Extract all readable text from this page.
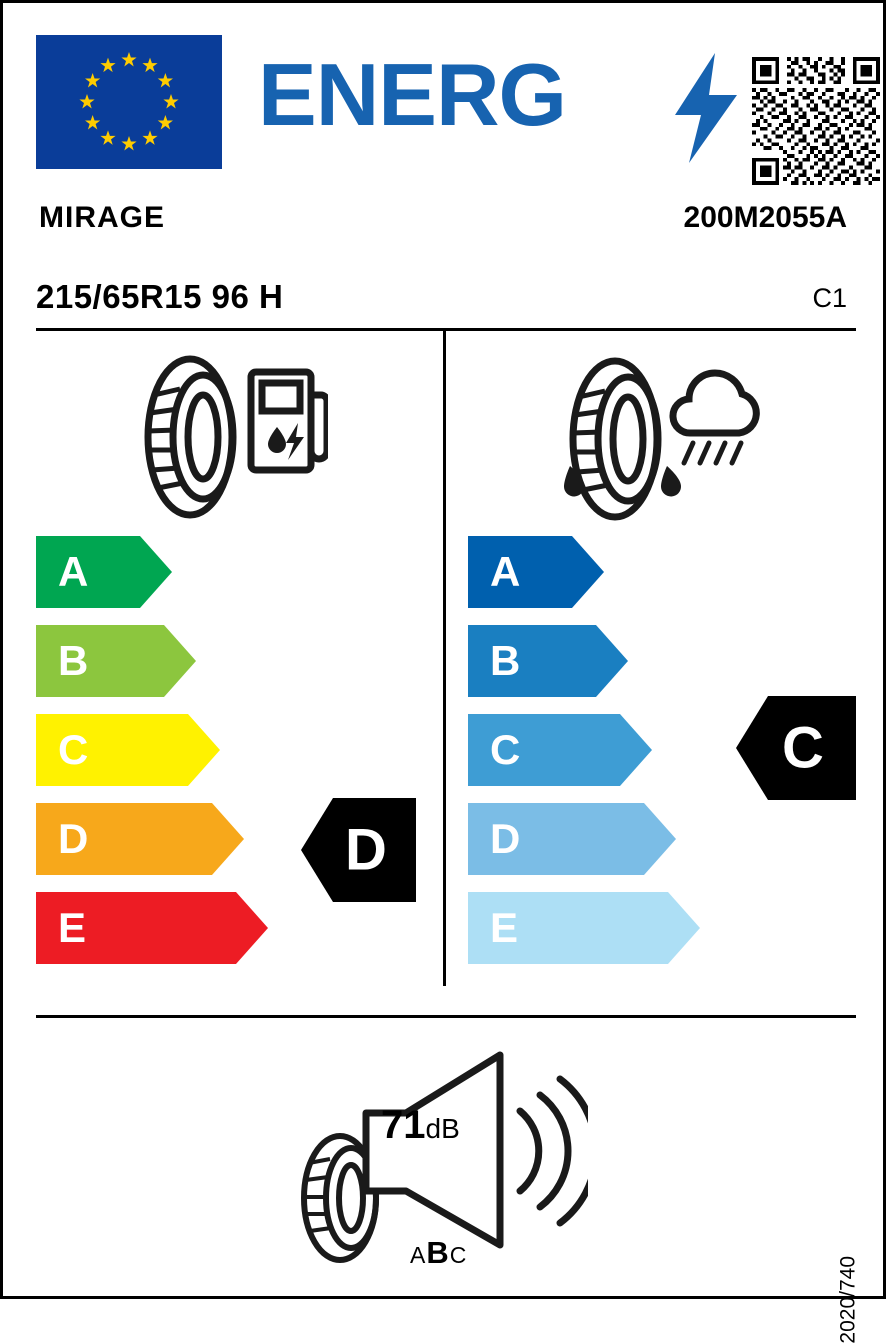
ENERG
MIRAGE	200M2055A
215/65R15 96 H	C1
A
B
C
D
E
A
B
C
D
E
D
C
71dB
ABC
2020/740
